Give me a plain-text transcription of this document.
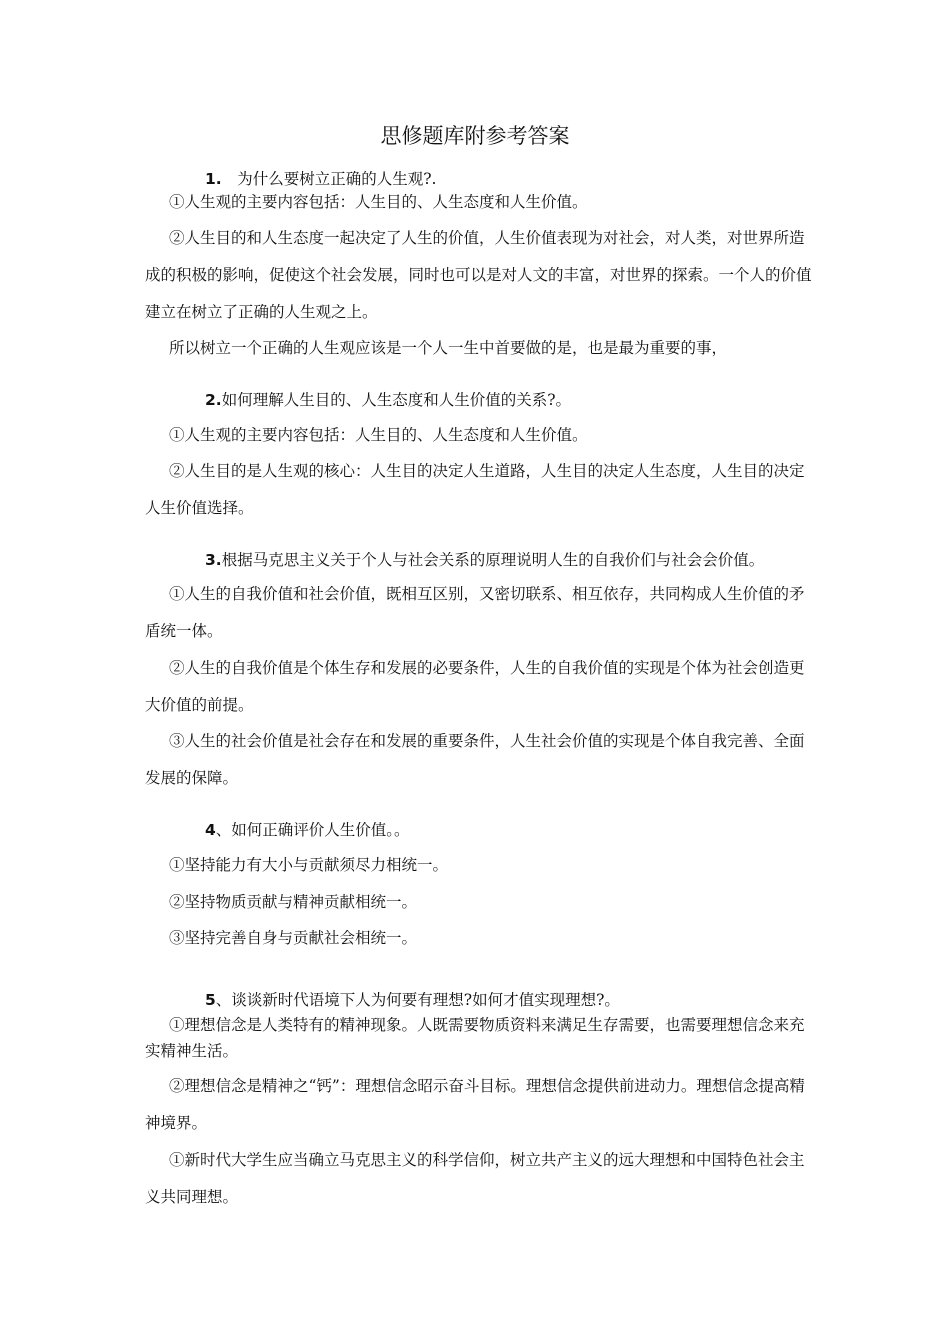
思修题库附参考答案
1.　为什么要树立正确的人生观?.
①人生观的主要内容包括：人生目的、人生态度和人生价值。
②人生目的和人生态度一起决定了人生的价值，人生价值表现为对社会，对人类，对世界所造成的积极的影响，促使这个社会发展，同时也可以是对人文的丰富，对世界的探索。一个人的价值建立在树立了正确的人生观之上。
所以树立一个正确的人生观应该是一个人一生中首要做的是，也是最为重要的事，
2.如何理解人生目的、人生态度和人生价值的关系?。
①人生观的主要内容包括：人生目的、人生态度和人生价值。
②人生目的是人生观的核心：人生目的决定人生道路，人生目的决定人生态度，人生目的决定人生价值选择。
3.根据马克思主义关于个人与社会关系的原理说明人生的自我价们与社会会价值。
①人生的自我价值和社会价值，既相互区别，又密切联系、相互依存，共同构成人生价值的矛盾统一体。
②人生的自我价值是个体生存和发展的必要条件，人生的自我价值的实现是个体为社会创造更大价值的前提。
③人生的社会价值是社会存在和发展的重要条件，人生社会价值的实现是个体自我完善、全面发展的保障。
4、如何正确评价人生价值。。
①坚持能力有大小与贡献须尽力相统一。
②坚持物质贡献与精神贡献相统一。
③坚持完善自身与贡献社会相统一。
5、谈谈新时代语境下人为何要有理想?如何才值实现理想?。
①理想信念是人类特有的精神现象。人既需要物质资料来满足生存需要，也需要理想信念来充实精神生活。
②理想信念是精神之“钙”：理想信念昭示奋斗目标。理想信念提供前进动力。理想信念提高精神境界。
①新时代大学生应当确立马克思主义的科学信仰，树立共产主义的远大理想和中国特色社会主义共同理想。
